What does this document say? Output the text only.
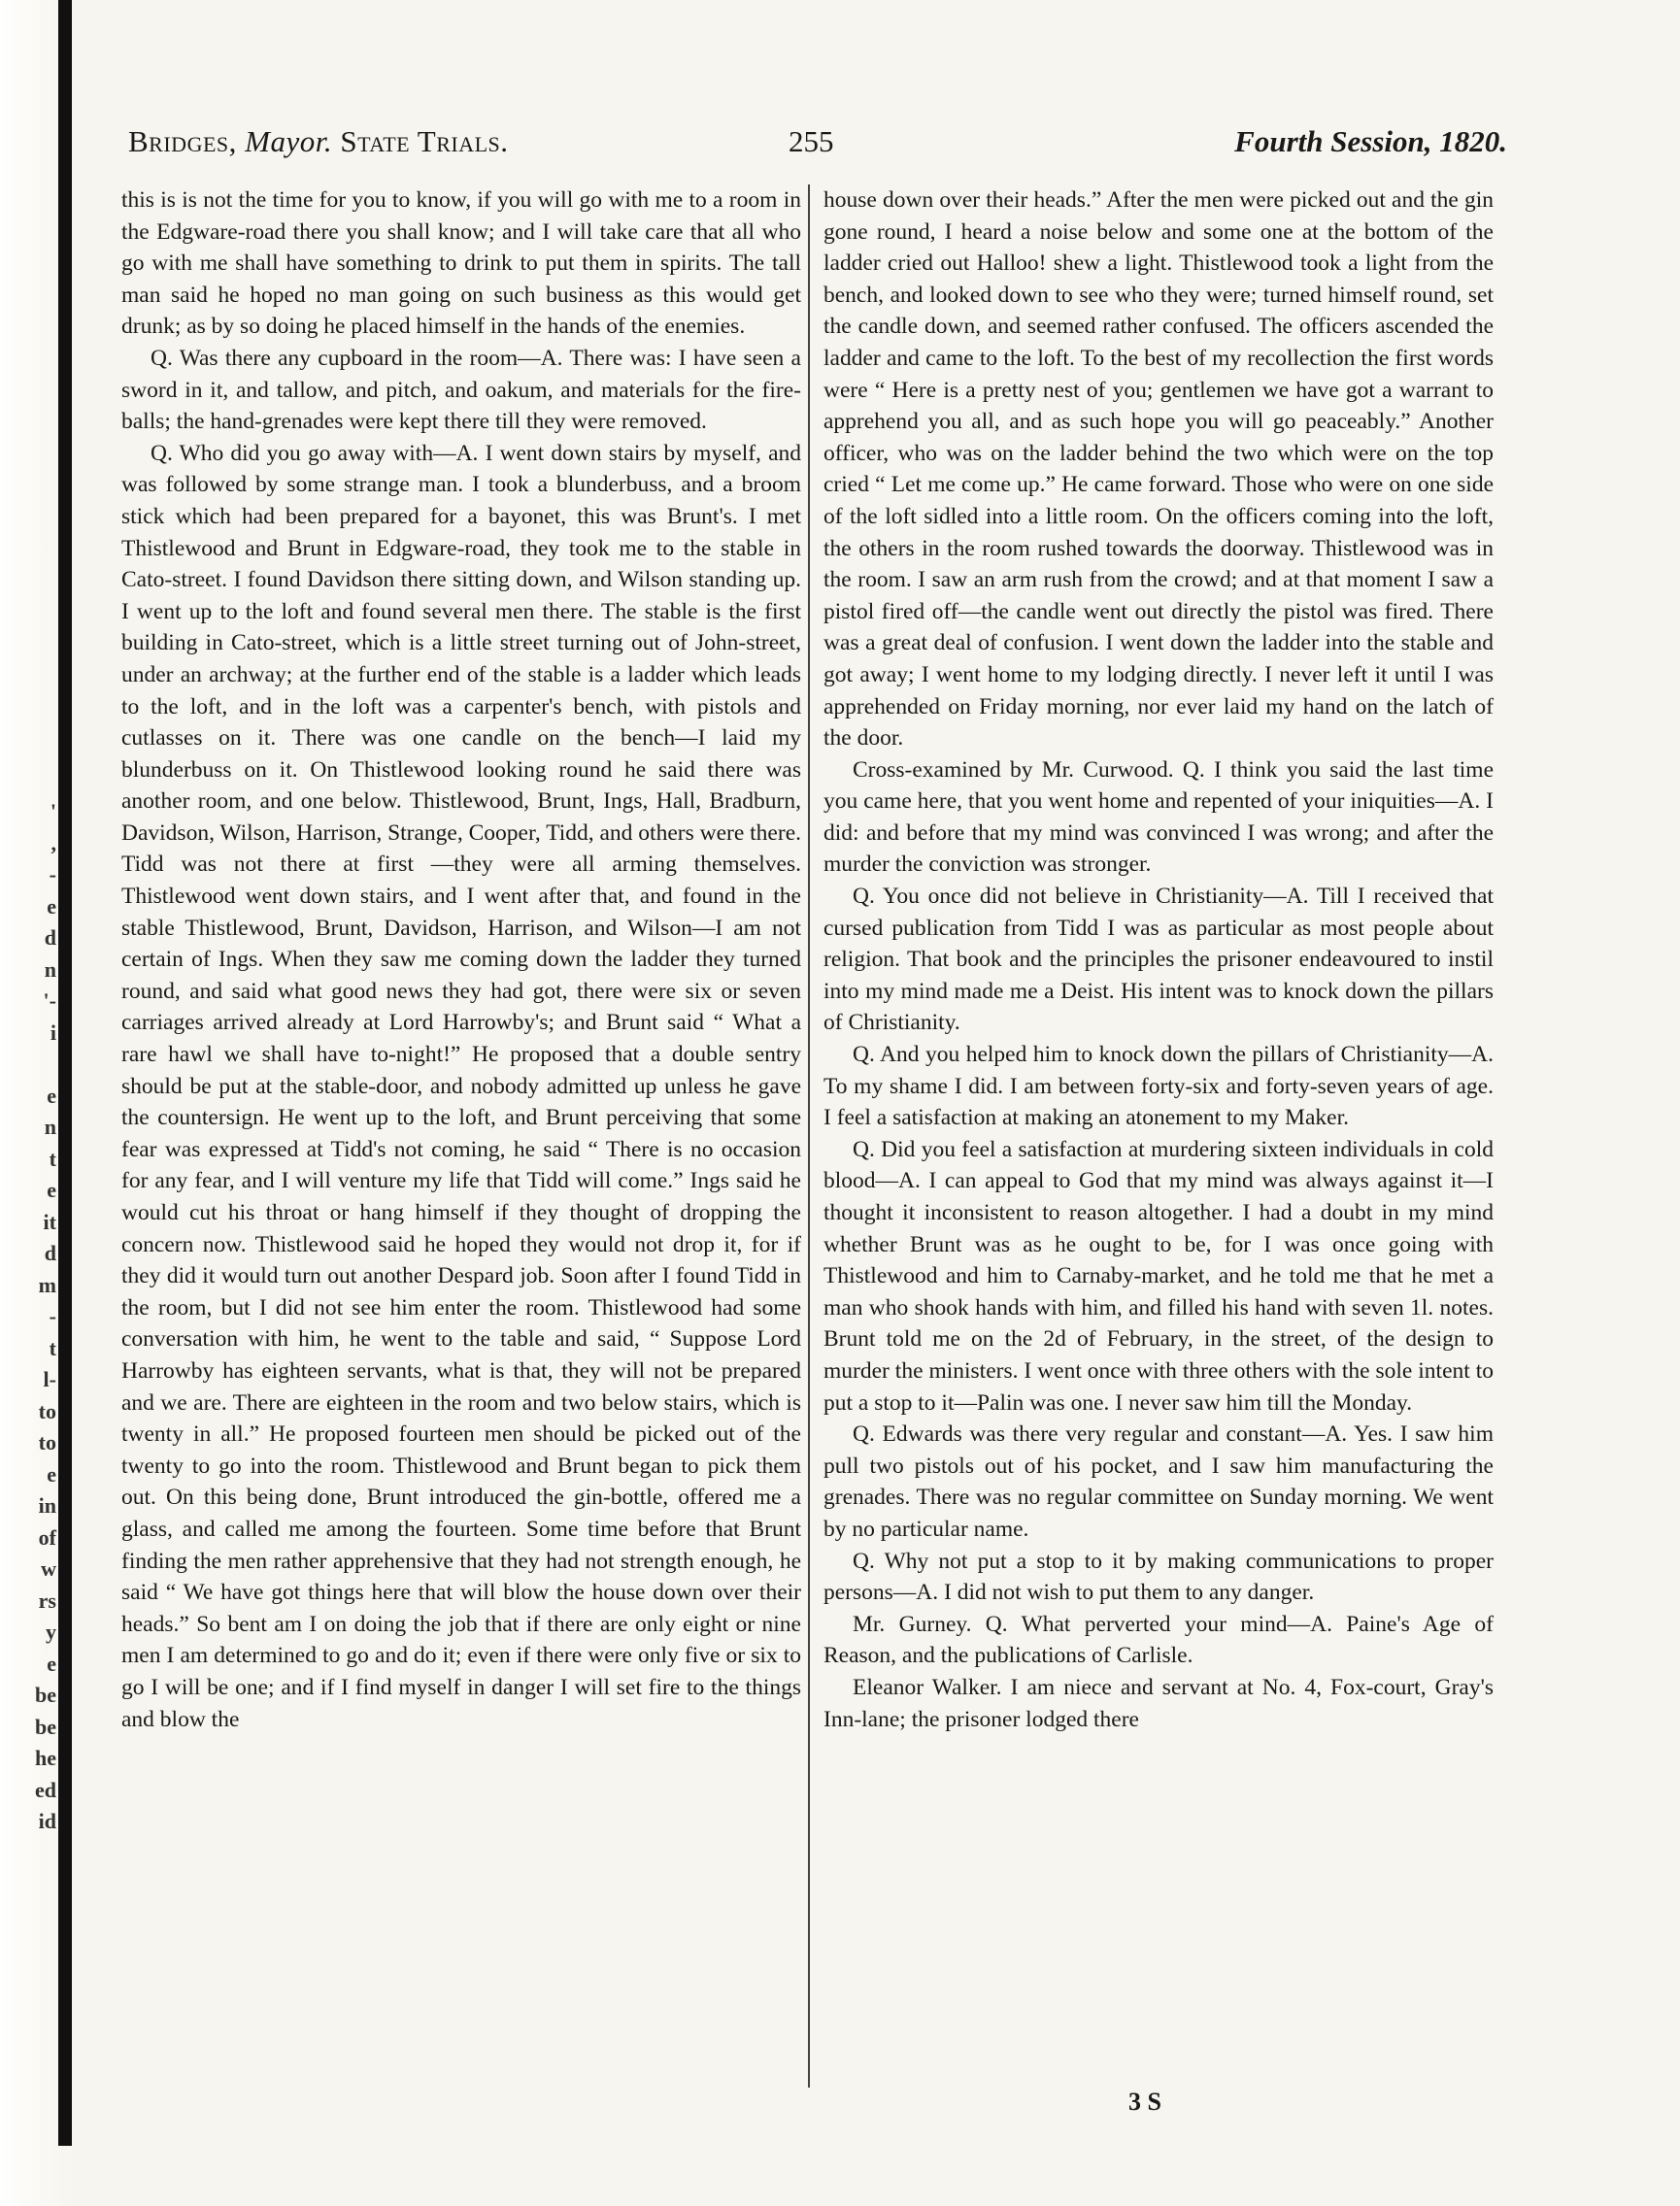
'
,
-
e
d
n
'-
i
e
n
t
e
it
d
m
-
t
l-
to
to
e
in
of
w
rs
y
e
be
be
he
ed
id
Bridges, Mayor. State Trials.	255	Fourth Session, 1820.

this is is not the time for you to know, if you will go with me to a room in the Edgware-road there you shall know; and I will take care that all who go with me shall have something to drink to put them in spirits. The tall man said he hoped no man going on such business as this would get drunk; as by so doing he placed himself in the hands of the enemies.

Q. Was there any cupboard in the room—A. There was: I have seen a sword in it, and tallow, and pitch, and oakum, and materials for the fire-balls; the hand-grenades were kept there till they were removed.

Q. Who did you go away with—A. I went down stairs by myself, and was followed by some strange man. I took a blunderbuss, and a broom stick which had been prepared for a bayonet, this was Brunt's. I met Thistlewood and Brunt in Edgware-road, they took me to the stable in Cato-street. I found Davidson there sitting down, and Wilson standing up. I went up to the loft and found several men there. The stable is the first building in Cato-street, which is a little street turning out of John-street, under an archway; at the further end of the stable is a ladder which leads to the loft, and in the loft was a carpenter's bench, with pistols and cutlasses on it. There was one candle on the bench—I laid my blunderbuss on it. On Thistlewood looking round he said there was another room, and one below. Thistlewood, Brunt, Ings, Hall, Bradburn, Davidson, Wilson, Harrison, Strange, Cooper, Tidd, and others were there. Tidd was not there at first —they were all arming themselves. Thistlewood went down stairs, and I went after that, and found in the stable Thistlewood, Brunt, Davidson, Harrison, and Wilson—I am not certain of Ings. When they saw me coming down the ladder they turned round, and said what good news they had got, there were six or seven carriages arrived already at Lord Harrowby's; and Brunt said “ What a rare hawl we shall have to-night!” He proposed that a double sentry should be put at the stable-door, and nobody admitted up unless he gave the countersign. He went up to the loft, and Brunt perceiving that some fear was expressed at Tidd's not coming, he said “ There is no occasion for any fear, and I will venture my life that Tidd will come.” Ings said he would cut his throat or hang himself if they thought of dropping the concern now. Thistlewood said he hoped they would not drop it, for if they did it would turn out another Despard job. Soon after I found Tidd in the room, but I did not see him enter the room. Thistlewood had some conversation with him, he went to the table and said, “ Suppose Lord Harrowby has eighteen servants, what is that, they will not be prepared and we are. There are eighteen in the room and two below stairs, which is twenty in all.” He proposed fourteen men should be picked out of the twenty to go into the room. Thistlewood and Brunt began to pick them out. On this being done, Brunt introduced the gin-bottle, offered me a glass, and called me among the fourteen. Some time before that Brunt finding the men rather apprehensive that they had not strength enough, he said “ We have got things here that will blow the house down over their heads.” So bent am I on doing the job that if there are only eight or nine men I am determined to go and do it; even if there were only five or six to go I will be one; and if I find myself in danger I will set fire to the things and blow the

house down over their heads.” After the men were picked out and the gin gone round, I heard a noise below and some one at the bottom of the ladder cried out Halloo! shew a light. Thistlewood took a light from the bench, and looked down to see who they were; turned himself round, set the candle down, and seemed rather confused. The officers ascended the ladder and came to the loft. To the best of my recollection the first words were “ Here is a pretty nest of you; gentlemen we have got a warrant to apprehend you all, and as such hope you will go peaceably.” Another officer, who was on the ladder behind the two which were on the top cried “ Let me come up.” He came forward. Those who were on one side of the loft sidled into a little room. On the officers coming into the loft, the others in the room rushed towards the doorway. Thistlewood was in the room. I saw an arm rush from the crowd; and at that moment I saw a pistol fired off—the candle went out directly the pistol was fired. There was a great deal of confusion. I went down the ladder into the stable and got away; I went home to my lodging directly. I never left it until I was apprehended on Friday morning, nor ever laid my hand on the latch of the door.

Cross-examined by Mr. Curwood. Q. I think you said the last time you came here, that you went home and repented of your iniquities—A. I did: and before that my mind was convinced I was wrong; and after the murder the conviction was stronger.

Q. You once did not believe in Christianity—A. Till I received that cursed publication from Tidd I was as particular as most people about religion. That book and the principles the prisoner endeavoured to instil into my mind made me a Deist. His intent was to knock down the pillars of Christianity.

Q. And you helped him to knock down the pillars of Christianity—A. To my shame I did. I am between forty-six and forty-seven years of age. I feel a satisfaction at making an atonement to my Maker.

Q. Did you feel a satisfaction at murdering sixteen individuals in cold blood—A. I can appeal to God that my mind was always against it—I thought it inconsistent to reason altogether. I had a doubt in my mind whether Brunt was as he ought to be, for I was once going with Thistlewood and him to Carnaby-market, and he told me that he met a man who shook hands with him, and filled his hand with seven 1l. notes. Brunt told me on the 2d of February, in the street, of the design to murder the ministers. I went once with three others with the sole intent to put a stop to it—Palin was one. I never saw him till the Monday.

Q. Edwards was there very regular and constant—A. Yes. I saw him pull two pistols out of his pocket, and I saw him manufacturing the grenades. There was no regular committee on Sunday morning. We went by no particular name.

Q. Why not put a stop to it by making communications to proper persons—A. I did not wish to put them to any danger.

Mr. Gurney. Q. What perverted your mind—A. Paine's Age of Reason, and the publications of Carlisle.

Eleanor Walker. I am niece and servant at No. 4, Fox-court, Gray's Inn-lane; the prisoner lodged there

3 S
